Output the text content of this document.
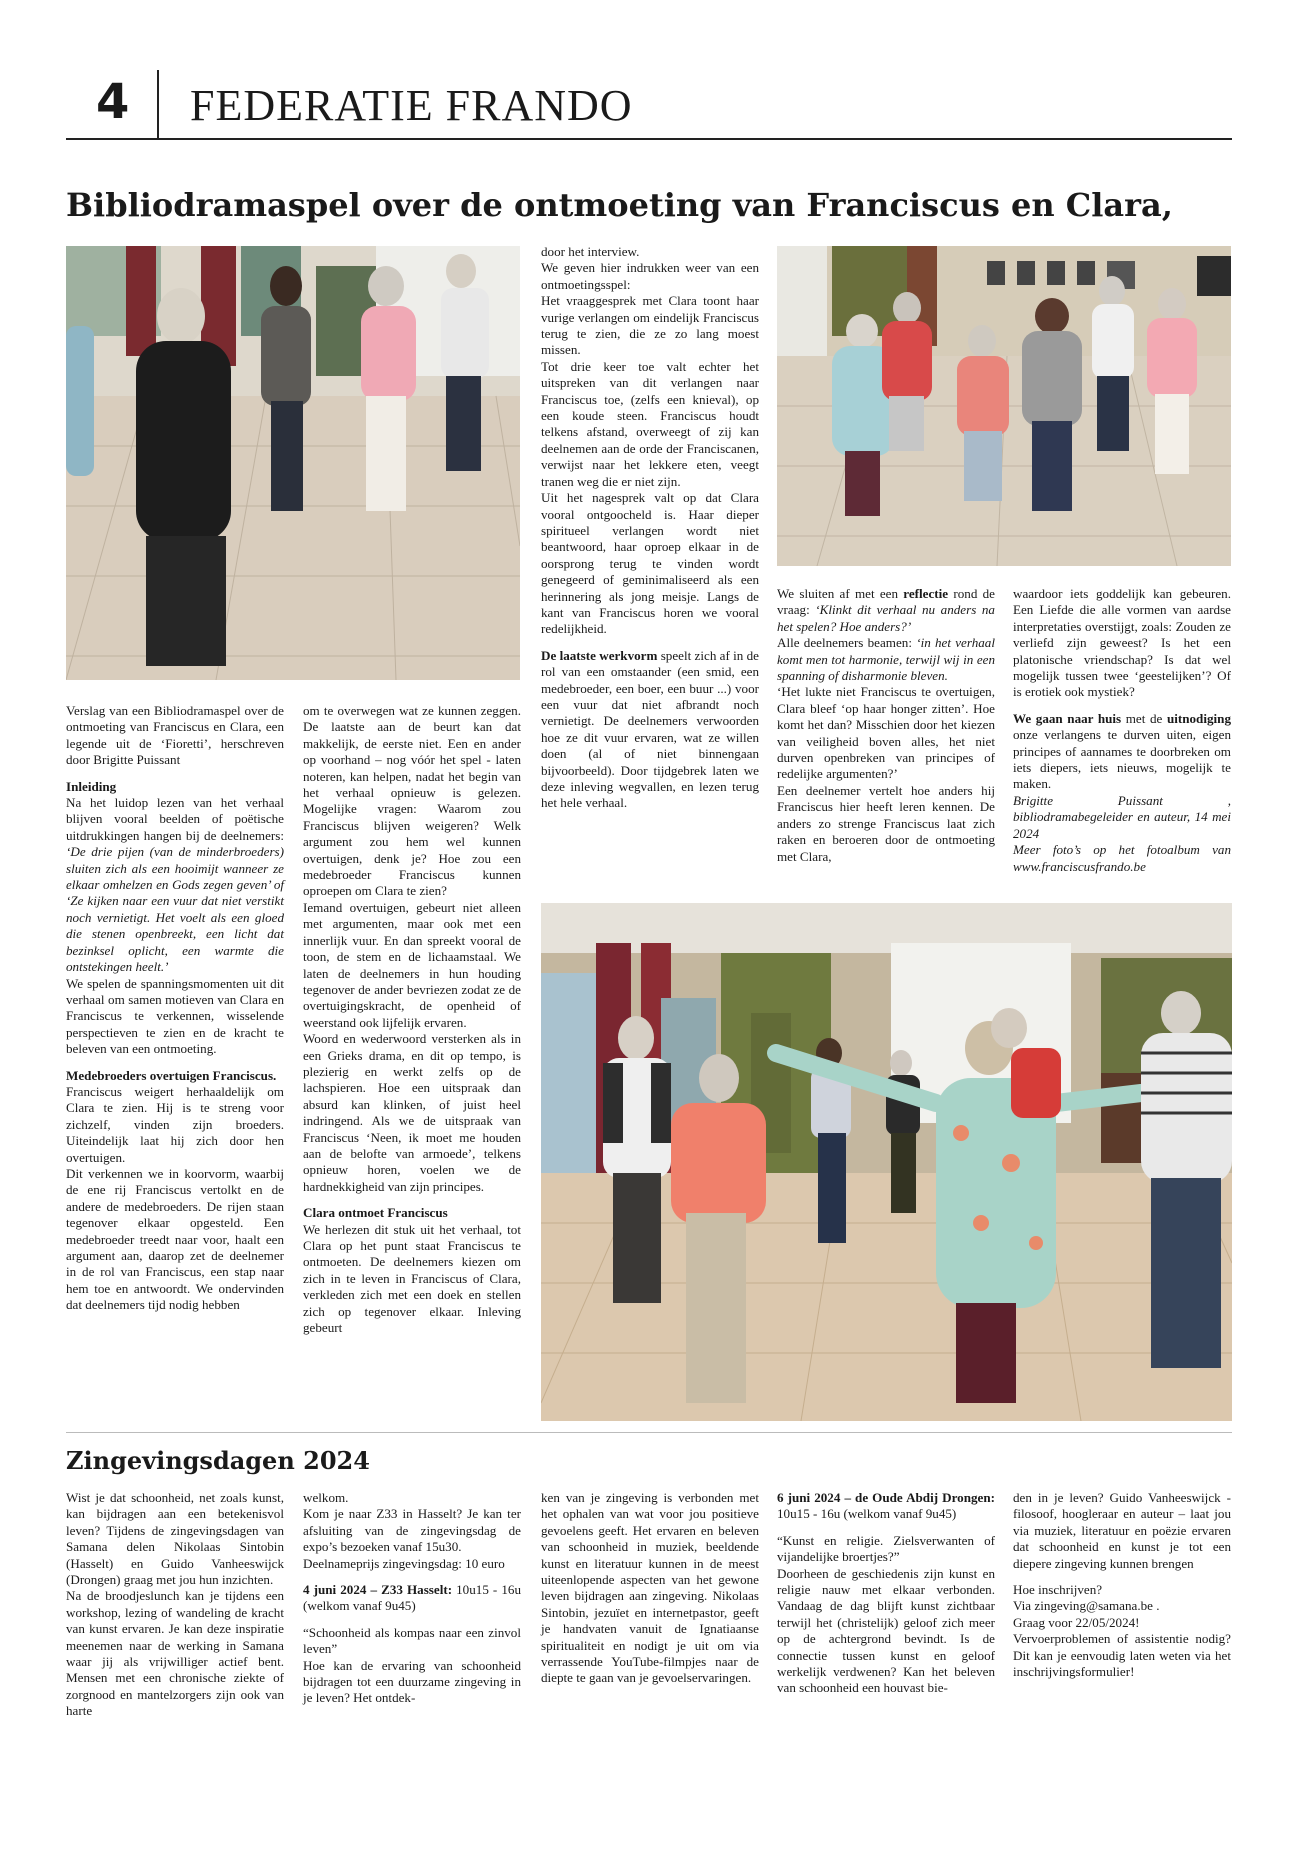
4 FEDERATIE FRANDO
Bibliodramaspel over de ontmoeting van Franciscus en Clara,

Verslag van een Bibliodramaspel over de ontmoeting van Franciscus en Clara, een legende uit de ‘Fioretti’, herschreven door Brigitte Puissant

Inleiding

Na het luidop lezen van het verhaal blijven vooral beelden of poëtische uitdrukkingen hangen bij de deelnemers: ‘De drie pijen (van de minderbroeders) sluiten zich als een hooimijt wanneer ze elkaar omhelzen en Gods zegen geven’ of ‘Ze kijken naar een vuur dat niet verstikt noch vernietigt. Het voelt als een gloed die stenen openbreekt, een licht dat bezinksel oplicht, een warmte die ontstekingen heelt.’

We spelen de spanningsmomenten uit dit verhaal om samen motieven van Clara en Franciscus te verkennen, wisselende perspectieven te zien en de kracht te beleven van een ontmoeting.

Medebroeders overtuigen Franciscus.

Franciscus weigert herhaaldelijk om Clara te zien. Hij is te streng voor zichzelf, vinden zijn broeders. Uiteindelijk laat hij zich door hen overtuigen.

Dit verkennen we in koorvorm, waarbij de ene rij Franciscus vertolkt en de andere de medebroeders. De rijen staan tegenover elkaar opgesteld. Een medebroeder treedt naar voor, haalt een argument aan, daarop zet de deelnemer in de rol van Franciscus, een stap naar hem toe en antwoordt. We ondervinden dat deelnemers tijd nodig hebben

om te overwegen wat ze kunnen zeggen. De laatste aan de beurt kan dat makkelijk, de eerste niet. Een en ander op voorhand – nog vóór het spel - laten noteren, kan helpen, nadat het begin van het verhaal opnieuw is gelezen. Mogelijke vragen: Waarom zou Franciscus blijven weigeren? Welk argument zou hem wel kunnen overtuigen, denk je? Hoe zou een medebroeder Franciscus kunnen oproepen om Clara te zien?

Iemand overtuigen, gebeurt niet alleen met argumenten, maar ook met een innerlijk vuur. En dan spreekt vooral de toon, de stem en de lichaamstaal. We laten de deelnemers in hun houding tegenover de ander bevriezen zodat ze de overtuigingskracht, de openheid of weerstand ook lijfelijk ervaren.

Woord en wederwoord versterken als in een Grieks drama, en dit op tempo, is plezierig en werkt zelfs op de lachspieren. Hoe een uitspraak dan absurd kan klinken, of juist heel indringend. Als we de uitspraak van Franciscus ‘Neen, ik moet me houden aan de belofte van armoede’, telkens opnieuw horen, voelen we de hardnekkigheid van zijn principes.

Clara ontmoet Franciscus

We herlezen dit stuk uit het verhaal, tot Clara op het punt staat Franciscus te ontmoeten. De deelnemers kiezen om zich in te leven in Franciscus of Clara, verkleden zich met een doek en stellen zich op tegenover elkaar. Inleving gebeurt

door het interview.

We geven hier indrukken weer van een ontmoetingsspel:

Het vraaggesprek met Clara toont haar vurige verlangen om eindelijk Franciscus terug te zien, die ze zo lang moest missen.

Tot drie keer toe valt echter het uitspreken van dit verlangen naar Franciscus toe, (zelfs een knieval), op een koude steen. Franciscus houdt telkens afstand, overweegt of zij kan deelnemen aan de orde der Franciscanen, verwijst naar het lekkere eten, veegt tranen weg die er niet zijn.

Uit het nagesprek valt op dat Clara vooral ontgoocheld is. Haar dieper spiritueel verlangen wordt niet beantwoord, haar oproep elkaar in de oorsprong terug te vinden wordt genegeerd of geminimaliseerd als een herinnering als jong meisje. Langs de kant van Franciscus horen we vooral redelijkheid.

De laatste werkvorm speelt zich af in de rol van een omstaander (een smid, een medebroeder, een boer, een buur ...) voor een vuur dat niet afbrandt noch vernietigt. De deelnemers verwoorden hoe ze dit vuur ervaren, wat ze willen doen (al of niet binnengaan bijvoorbeeld). Door tijdgebrek laten we deze inleving wegvallen, en lezen terug het hele verhaal.

We sluiten af met een reflectie rond de vraag: ‘Klinkt dit verhaal nu anders na het spelen? Hoe anders?’

Alle deelnemers beamen: ‘in het verhaal komt men tot harmonie, terwijl wij in een spanning of disharmonie bleven.

‘Het lukte niet Franciscus te overtuigen, Clara bleef ‘op haar honger zitten’. Hoe komt het dan? Misschien door het kiezen van veiligheid boven alles, het niet durven openbreken van principes of redelijke argumenten?’

Een deelnemer vertelt hoe anders hij Franciscus hier heeft leren kennen. De anders zo strenge Franciscus laat zich raken en beroeren door de ontmoeting met Clara,

waardoor iets goddelijk kan gebeuren. Een Liefde die alle vormen van aardse interpretaties overstijgt, zoals: Zouden ze verliefd zijn geweest? Is het een platonische vriendschap? Is dat wel mogelijk tussen twee ‘geestelijken’? Of is erotiek ook mystiek?

We gaan naar huis met de uitnodiging onze verlangens te durven uiten, eigen principes of aannames te doorbreken om iets diepers, iets nieuws, mogelijk te maken.

Brigitte Puissant , bibliodramabegeleider en auteur, 14 mei 2024

Meer foto’s op het fotoalbum van www.franciscusfrando.be

Zingevingsdagen 2024

Wist je dat schoonheid, net zoals kunst, kan bijdragen aan een betekenisvol leven? Tijdens de zingevingsdagen van Samana delen Nikolaas Sintobin (Hasselt) en Guido Vanheeswijck (Drongen) graag met jou hun inzichten.

Na de broodjeslunch kan je tijdens een workshop, lezing of wandeling de kracht van kunst ervaren. Je kan deze inspiratie meenemen naar de werking in Samana waar jij als vrijwilliger actief bent. Mensen met een chronische ziekte of zorgnood en mantelzorgers zijn ook van harte

welkom.

Kom je naar Z33 in Hasselt? Je kan ter afsluiting van de zingevingsdag de expo’s bezoeken vanaf 15u30.

Deelnameprijs zingevingsdag: 10 euro

4 juni 2024 – Z33 Hasselt: 10u15 - 16u (welkom vanaf 9u45)

“Schoonheid als kompas naar een zinvol leven”

Hoe kan de ervaring van schoonheid bijdragen tot een duurzame zingeving in je leven? Het ontdek-

ken van je zingeving is verbonden met het ophalen van wat voor jou positieve gevoelens geeft. Het ervaren en beleven van schoonheid in muziek, beeldende kunst en literatuur kunnen in de meest uiteenlopende aspecten van het gewone leven bijdragen aan zingeving. Nikolaas Sintobin, jezuïet en internetpastor, geeft je handvaten vanuit de Ignatiaanse spiritualiteit en nodigt je uit om via verrassende YouTube-filmpjes naar de diepte te gaan van je gevoelservaringen.

6 juni 2024 – de Oude Abdij Drongen: 10u15 - 16u (welkom vanaf 9u45)

“Kunst en religie. Zielsverwanten of vijandelijke broertjes?”

Doorheen de geschiedenis zijn kunst en religie nauw met elkaar verbonden. Vandaag de dag blijft kunst zichtbaar terwijl het (christelijk) geloof zich meer op de achtergrond bevindt. Is de connectie tussen kunst en geloof werkelijk verdwenen? Kan het beleven van schoonheid een houvast bie-

den in je leven? Guido Vanheeswijck - filosoof, hoogleraar en auteur – laat jou via muziek, literatuur en poëzie ervaren dat schoonheid en kunst je tot een diepere zingeving kunnen brengen

Hoe inschrijven?

Via zingeving@samana.be .

Graag voor 22/05/2024!

Vervoerproblemen of assistentie nodig? Dit kan je eenvoudig laten weten via het inschrijvingsformulier!
